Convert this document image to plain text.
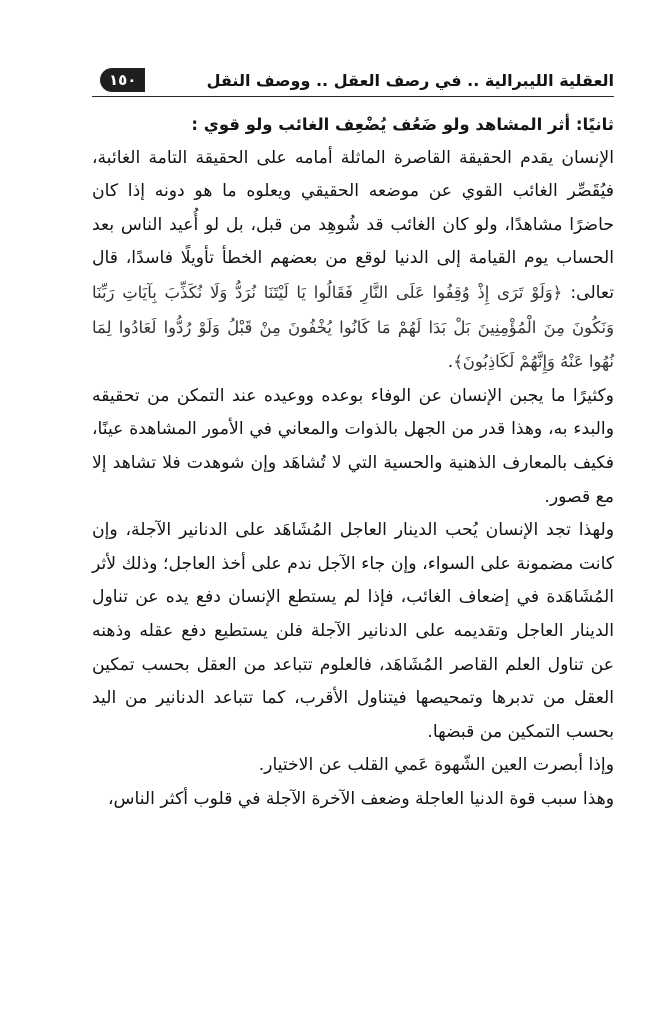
١٥٠	العقلية الليبرالية .. في رصف العقل .. ووصف النقل

ثانيًا: أثر المشاهد ولو ضَعُف يُضْعِف الغائب ولو قوي :

الإنسان يقدم الحقيقة القاصرة الماثلة أمامه على الحقيقة التامة الغائبة، فيُقَصِّر الغائب القوي عن موضعه الحقيقي ويعلوه ما هو دونه إذا كان حاضرًا مشاهدًا، ولو كان الغائب قد شُوهِد من قبل، بل لو أُعيد الناس بعد الحساب يوم القيامة إلى الدنيا لوقع من بعضهم الخطأ تأويلًا فاسدًا، قال تعالى: ﴿وَلَوْ تَرَى إِذْ وُقِفُوا عَلَى النَّارِ فَقَالُوا يَا لَيْتَنَا نُرَدُّ وَلَا نُكَذِّبَ بِآيَاتِ رَبِّنَا وَنَكُونَ مِنَ الْمُؤْمِنِينَ بَلْ بَدَا لَهُمْ مَا كَانُوا يُخْفُونَ مِنْ قَبْلُ وَلَوْ رُدُّوا لَعَادُوا لِمَا نُهُوا عَنْهُ وَإِنَّهُمْ لَكَاذِبُونَ﴾.

وكثيرًا ما يجبن الإنسان عن الوفاء بوعده ووعيده عند التمكن من تحقيقه والبدء به، وهذا قدر من الجهل بالذوات والمعاني في الأمور المشاهدة عينًا، فكيف بالمعارف الذهنية والحسية التي لا تُشاهَد وإن شوهدت فلا تشاهد إلا مع قصور.

ولهذا تجد الإنسان يُحب الدينار العاجل المُشَاهَد على الدنانير الآجلة، وإن كانت مضمونة على السواء، وإن جاء الآجل ندم على أخذ العاجل؛ وذلك لأثر المُشَاهَدة في إضعاف الغائب، فإذا لم يستطع الإنسان دفع يده عن تناول الدينار العاجل وتقديمه على الدنانير الآجلة فلن يستطيع دفع عقله وذهنه عن تناول العلم القاصر المُشَاهَد، فالعلوم تتباعد من العقل بحسب تمكين العقل من تدبرها وتمحيصها فيتناول الأقرب، كما تتباعد الدنانير من اليد بحسب التمكين من قبضها.

وإذا أبصرت العين الشّهوة عَمي القلب عن الاختيار.

وهذا سبب قوة الدنيا العاجلة وضعف الآخرة الآجلة في قلوب أكثر الناس،
